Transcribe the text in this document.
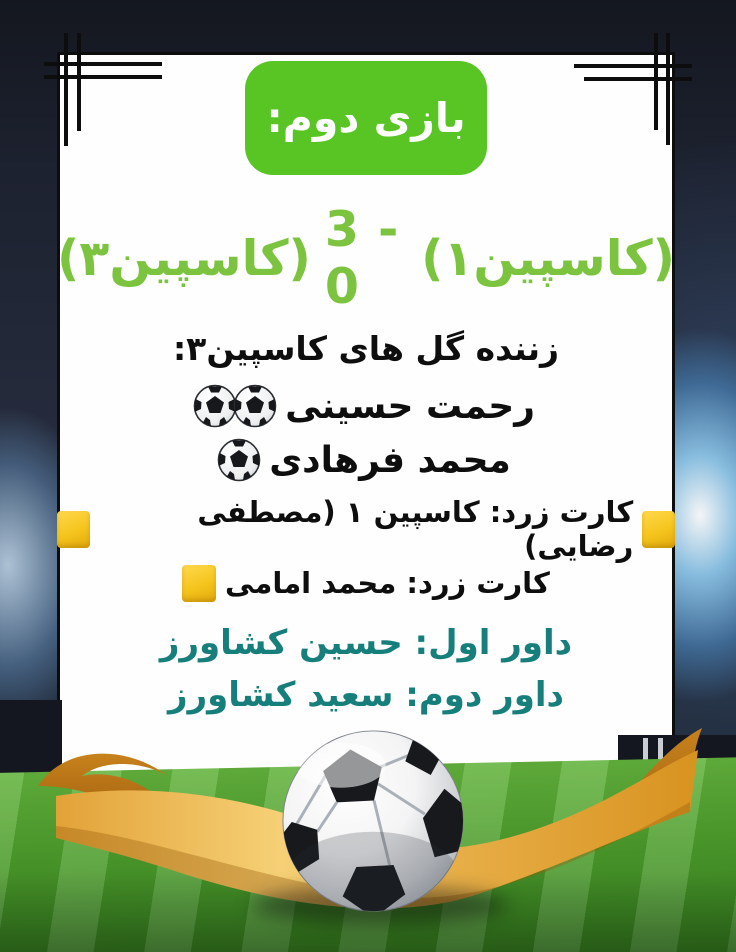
بازی دوم:
(کاسپین۳) 3 - 0	(کاسپین۱)
زننده گل های کاسپین۳:
رحمت حسینی
محمد فرهادی
کارت زرد: کاسپین ۱ (مصطفی رضایی)
کارت زرد: محمد امامی
داور اول: حسین کشاورز
داور دوم: سعید کشاورز
